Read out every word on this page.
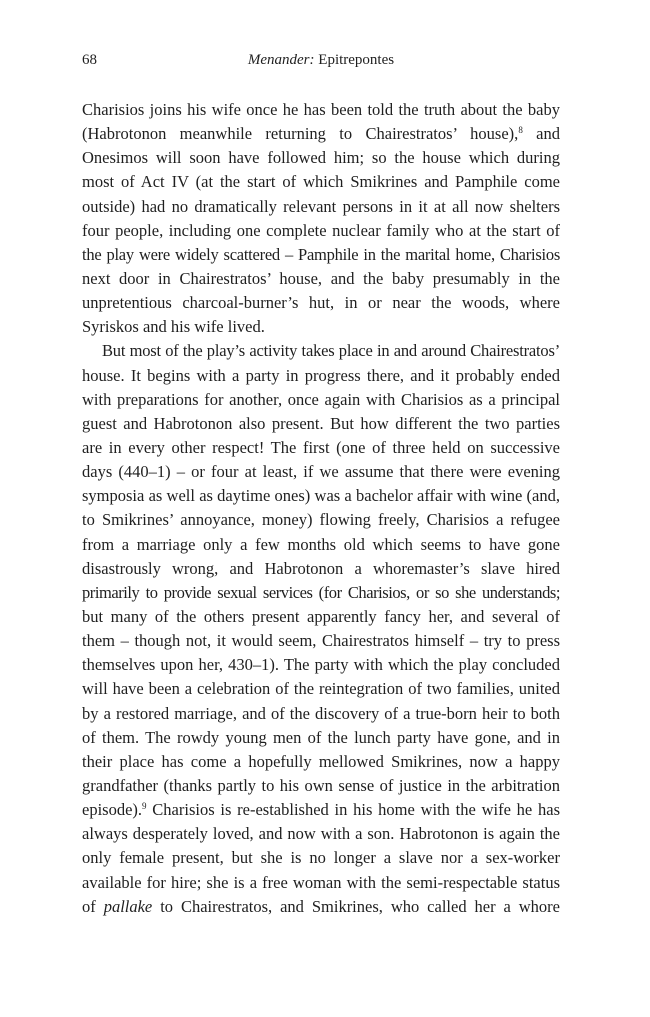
68	Menander: Epitrepontes
Charisios joins his wife once he has been told the truth about the baby
(Habrotonon meanwhile returning to Chairestratos’ house),$^8$ and
Onesimos will soon have followed him; so the house which during
most of Act IV (at the start of which Smikrines and Pamphile come
outside) had no dramatically relevant persons in it at all now shelters
four people, including one complete nuclear family who at the start of
the play were widely scattered – Pamphile in the marital home, Charisios
next door in Chairestratos’ house, and the baby presumably in the
unpretentious charcoal-burner’s hut, in or near the woods, where
Syriskos and his wife lived.
But most of the play’s activity takes place in and around Chairestratos’
house. It begins with a party in progress there, and it probably ended
with preparations for another, once again with Charisios as a principal
guest and Habrotonon also present. But how different the two parties
are in every other respect! The first (one of three held on successive
days (440–1) – or four at least, if we assume that there were evening
symposia as well as daytime ones) was a bachelor affair with wine (and,
to Smikrines’ annoyance, money) flowing freely, Charisios a refugee
from a marriage only a few months old which seems to have gone
disastrously wrong, and Habrotonon a whoremaster’s slave hired
primarily to provide sexual services (for Charisios, or so she understands;
but many of the others present apparently fancy her, and several of
them – though not, it would seem, Chairestratos himself – try to press
themselves upon her, 430–1). The party with which the play concluded
will have been a celebration of the reintegration of two families, united
by a restored marriage, and of the discovery of a true-born heir to both
of them. The rowdy young men of the lunch party have gone, and in
their place has come a hopefully mellowed Smikrines, now a happy
grandfather (thanks partly to his own sense of justice in the arbitration
episode).$^9$ Charisios is re-established in his home with the wife he has
always desperately loved, and now with a son. Habrotonon is again the
only female present, but she is no longer a slave nor a sex-worker
available for hire; she is a free woman with the semi-respectable status
of pallake to Chairestratos, and Smikrines, who called her a whore
